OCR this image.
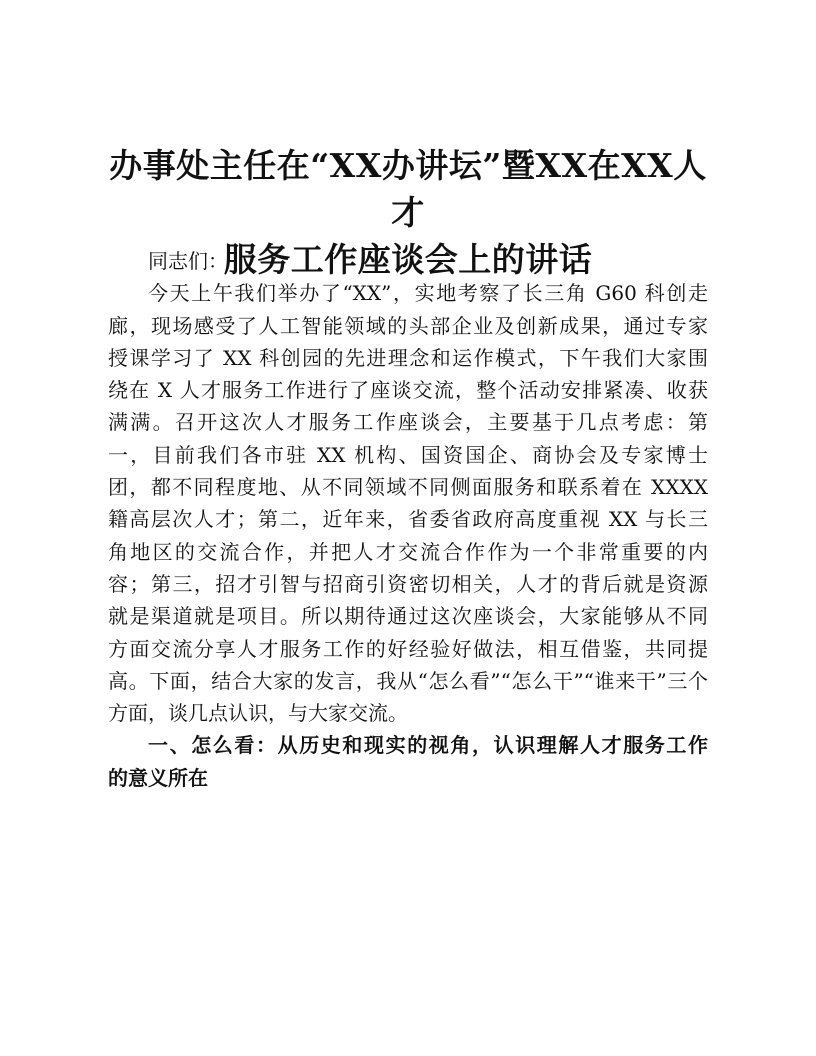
办事处主任在“XX办讲坛”暨XX在XX人才
服务工作座谈会上的讲话
同志们：
今天上午我们举办了“XX”，实地考察了长三角 G60 科创走
廊，现场感受了人工智能领域的头部企业及创新成果，通过专家
授课学习了 XX 科创园的先进理念和运作模式，下午我们大家围
绕在 X 人才服务工作进行了座谈交流，整个活动安排紧凑、收获
满满。召开这次人才服务工作座谈会，主要基于几点考虑：第
一，目前我们各市驻 XX 机构、国资国企、商协会及专家博士
团，都不同程度地、从不同领域不同侧面服务和联系着在 XXXX
籍高层次人才；第二，近年来，省委省政府高度重视 XX 与长三
角地区的交流合作，并把人才交流合作作为一个非常重要的内
容；第三，招才引智与招商引资密切相关，人才的背后就是资源
就是渠道就是项目。所以期待通过这次座谈会，大家能够从不同
方面交流分享人才服务工作的好经验好做法，相互借鉴，共同提
高。下面，结合大家的发言，我从“怎么看”“怎么干”“谁来干”三个
方面，谈几点认识，与大家交流。
一、怎么看：从历史和现实的视角，认识理解人才服务工作
的意义所在
